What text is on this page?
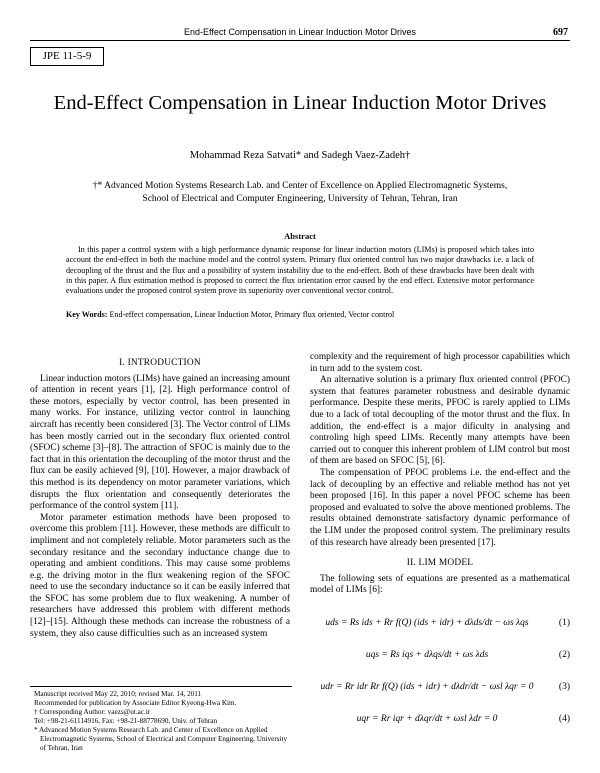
End-Effect Compensation in Linear Induction Motor Drives	697
JPE 11-5-9
End-Effect Compensation in Linear Induction Motor Drives
Mohammad Reza Satvati* and Sadegh Vaez-Zadeh†
†* Advanced Motion Systems Research Lab. and Center of Excellence on Applied Electromagnetic Systems,
School of Electrical and Computer Engineering, University of Tehran, Tehran, Iran
Abstract

In this paper a control system with a high performance dynamic response for linear induction motors (LIMs) is proposed which takes into account the end-effect in both the machine model and the control system. Primary flux oriented control has two major drawbacks i.e. a lack of decoupling of the thrust and the flux and a possibility of system instability due to the end-effect. Both of these drawbacks have been dealt with in this paper. A flux estimation method is proposed to correct the flux orientation error caused by the end effect. Extensive motor performance evaluations under the proposed control system prove its superiority over conventional vector control.

Key Words: End-effect compensation, Linear Induction Motor, Primary flux oriented, Vector control
I. INTRODUCTION

Linear induction motors (LIMs) have gained an increasing amount of attention in recent years [1], [2]. High performance control of these motors, especially by vector control, has been presented in many works. For instance, utilizing vector control in launching aircraft has recently been considered [3]. The Vector control of LIMs has been mostly carried out in the secondary flux oriented control (SFOC) scheme [3]–[8]. The attraction of SFOC is mainly due to the fact that in this orientation the decoupling of the motor thrust and the flux can be easily achieved [9], [10]. However, a major drawback of this method is its dependency on motor parameter variations, which disrupts the flux orientation and consequently deteriorates the performance of the control system [11].

Motor parameter estimation methods have been proposed to overcome this problem [11]. However, these methods are difficult to impliment and not completely reliable. Motor parameters such as the secondary resitance and the secondary inductance change due to operating and ambient conditions. This may cause some problems e.g. the driving motor in the flux weakening region of the SFOC need to use the secondary inductance so it can be easily inferred that the SFOC has some problem due to flux weakening. A number of researchers have addressed this problem with different methods [12]–[15]. Although these methods can increase the robustness of a system, they also cause difficulties such as an increased system

complexity and the requirement of high processor capabilities which in turn add to the system cost.

An alternative solution is a primary flux oriented control (PFOC) system that features parameter robustness and desirable dynamic performance. Despite these merits, PFOC is rarely applied to LIMs due to a lack of total decoupling of the motor thrust and the flux. In addition, the end-effect is a major dificulty in analysing and controling high speed LIMs. Recently many attempts have been carried out to conquer this inherent problem of LIM control but most of them are based on SFOC [5], [6].

The compensation of PFOC problems i.e. the end-effect and the lack of decoupling by an effective and reliable method has not yet been proposed [16]. In this paper a novel PFOC scheme has been proposed and evaluated to solve the above mentioned problems. The results obtained demonstrate satisfactory dynamic performance of the LIM under the proposed control system. The preliminary results of this research have already been presented [17].

II. LIM MODEL

The following sets of equations are presented as a mathematical model of LIMs [6]:

uds = Rs ids + Rr f(Q) (ids + idr) + dλds/dt − ωs λqs	(1)
uqs = Rs iqs + dλqs/dt + ωs λds	(2)
udr = Rr idr Rr f(Q) (ids + idr) + dλdr/dt − ωsl λqr = 0	(3)
uqr = Rr iqr + dλqr/dt + ωsl λdr = 0	(4)
Manuscript received May 22, 2010; revised Mar. 14, 2011
Recommended for publication by Associate Editor Kyeong-Hwa Kim.
† Corresponding Author: vaezs@ut.ac.ir
Tel: +98-21-61114916, Fax: +98-21-88778690, Univ. of Tehran
* Advanced Motion Systems Research Lab. and Center of Excellence on Applied Electromagnetic Systems, School of Electrical and Computer Engineering, University of Tehran, Iran
